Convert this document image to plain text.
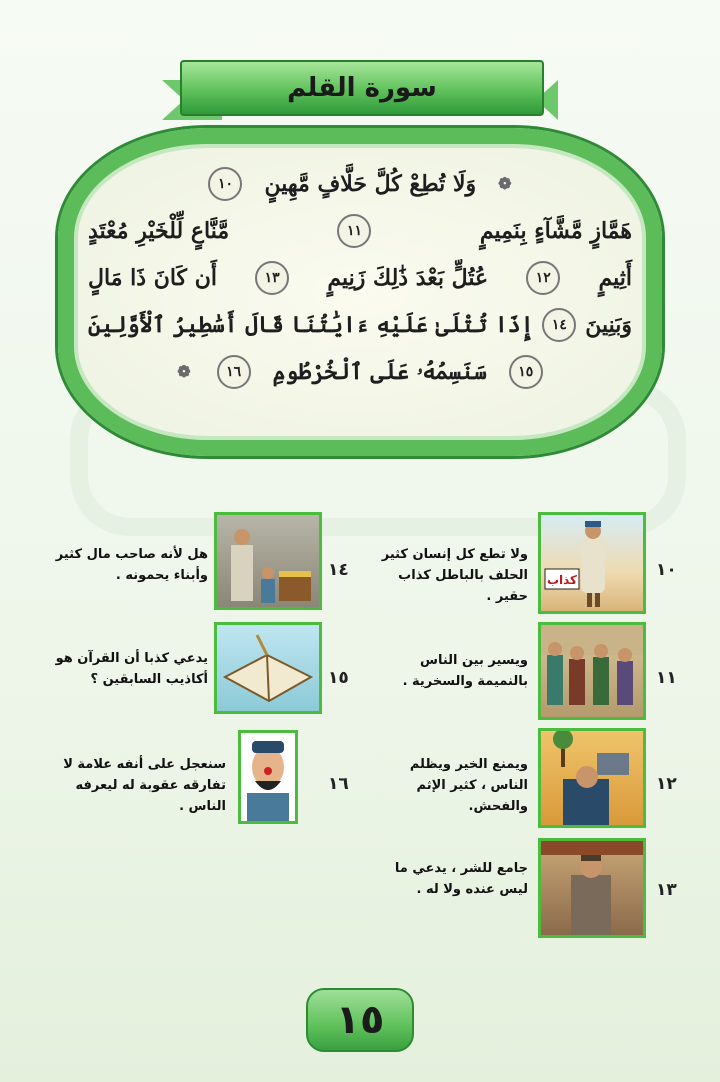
سورة القلم
❁
وَلَا تُطِعْ كُلَّ حَلَّافٍ مَّهِينٍ
١٠
هَمَّازٍ مَّشَّآءٍ بِنَمِيمٍ
١١
مَّنَّاعٍ لِّلْخَيْرِ مُعْتَدٍ
أَثِيمٍ
١٢
عُتُلٍّ بَعْدَ ذَٰلِكَ زَنِيمٍ
١٣
أَن كَانَ ذَا مَالٍ
وَبَنِينَ
١٤
إِذَا تُتْلَىٰ عَلَيْهِ ءَايَٰتُنَا قَالَ أَسَٰطِيرُ ٱلْأَوَّلِينَ
١٥
سَنَسِمُهُۥ عَلَى ٱلْخُرْطُومِ
١٦
❁
كذاب	١٠
ولا تطع كل إنسان كثير الحلف بالباطل كذاب حقير .
١١
ويسير بين الناس بالنميمة والسخرية .
١٢
ويمنع الخير ويظلم الناس ، كثير الإثم والفحش.
١٣
جامع للشر ، يدعي ما ليس عنده ولا له .
١٤
هل لأنه صاحب مال كثير وأبناء يحمونه .
١٥
يدعي كذبا أن القرآن هو أكاذيب السابقين ؟
١٦
سنعجل على أنفه علامة لا تفارقه عقوبة له ليعرفه الناس .
١٥
